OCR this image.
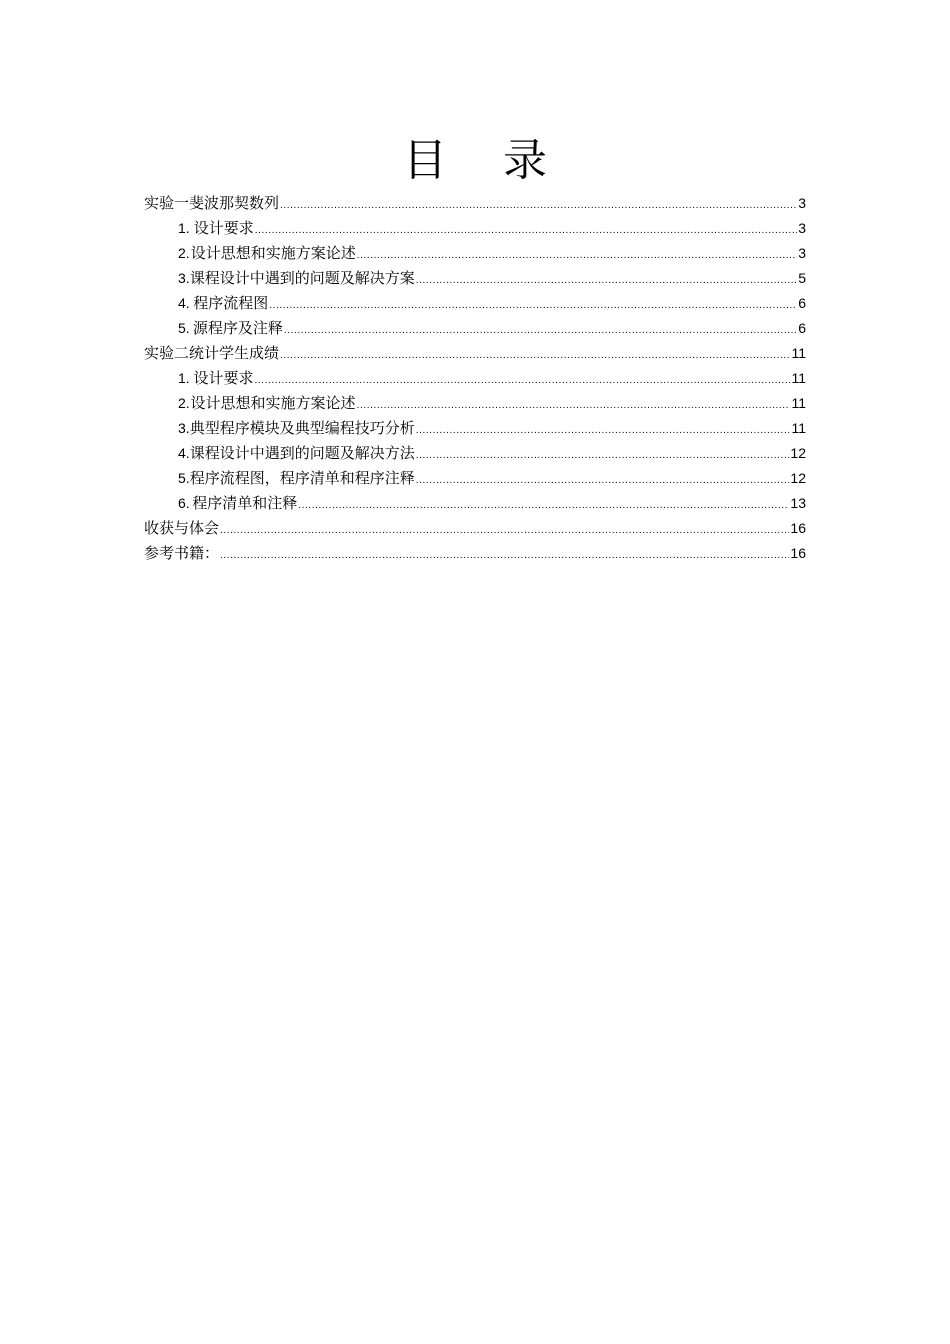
目    录
实验一 斐波那契数列 .....	3
1. 设计要求 .....	3
2. 设计思想和实施方案论述 .....	3
3. 课程设计中遇到的问题及解决方案 .....	5
4. 程序流程图 .....	6
5. 源程序及注释 .....	6
实验二 统计学生成绩 .....	11
1. 设计要求 .....	11
2. 设计思想和实施方案论述 .....	11
3. 典型程序模块及典型编程技巧分析 .....	11
4. 课程设计中遇到的问题及解决方法 .....	12
5. 程序流程图，程序清单和程序注释 .....	12
6. 程序清单和注释 .....	13
收获与体会 .....	16
参考书籍： .....	16
